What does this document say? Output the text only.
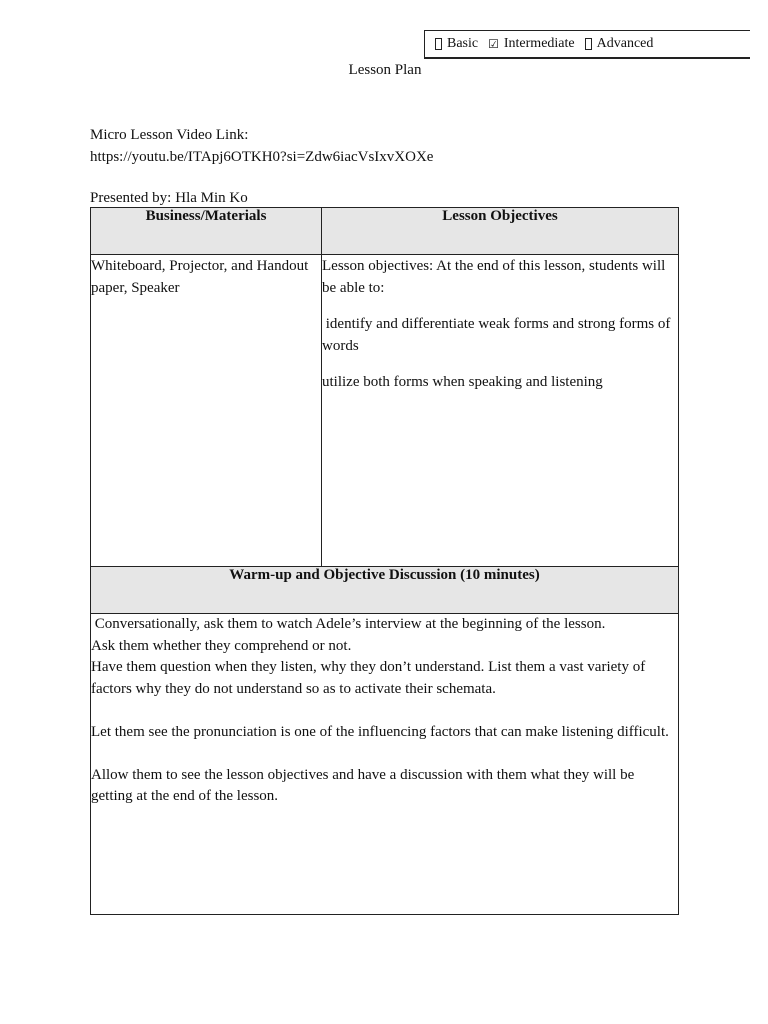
Basic ☑ Intermediate Advanced
Lesson Plan
Micro Lesson Video Link:
https://youtu.be/ITApj6OTKH0?si=Zdw6iacVsIxvXOXe
Presented by: Hla Min Ko
Business/Materials	Lesson Objectives
Whiteboard, Projector, and Handout paper, Speaker	Lesson objectives: At the end of this lesson, students will be able to:

identify and differentiate weak forms and strong forms of words

utilize both forms when speaking and listening

Warm-up and Objective Discussion (10 minutes)	

Conversationally, ask them to watch Adele’s interview at the beginning of the lesson.
Ask them whether they comprehend or not.
Have them question when they listen, why they don’t understand. List them a vast variety of factors why they do not understand so as to activate their schemata.
Let them see the pronunciation is one of the influencing factors that can make listening difficult.
Allow them to see the lesson objectives and have a discussion with them what they will be getting at the end of the lesson.	
